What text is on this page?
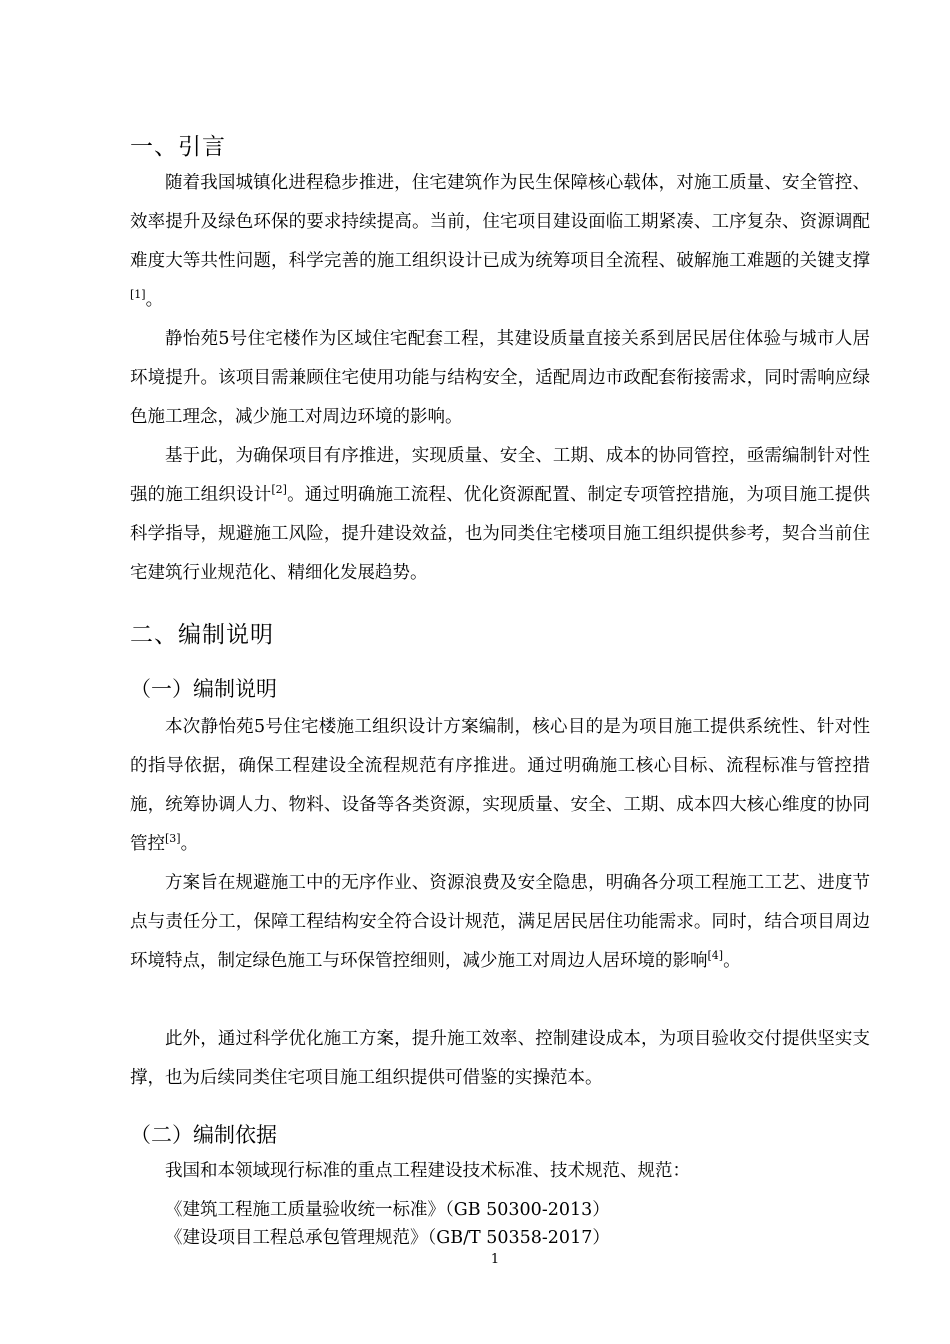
一、引言

随着我国城镇化进程稳步推进，住宅建筑作为民生保障核心载体，对施工质量、安全管控、效率提升及绿色环保的要求持续提高。当前，住宅项目建设面临工期紧凑、工序复杂、资源调配难度大等共性问题，科学完善的施工组织设计已成为统筹项目全流程、破解施工难题的关键支撑[1]。

静怡苑5号住宅楼作为区域住宅配套工程，其建设质量直接关系到居民居住体验与城市人居环境提升。该项目需兼顾住宅使用功能与结构安全，适配周边市政配套衔接需求，同时需响应绿色施工理念，减少施工对周边环境的影响。

基于此，为确保项目有序推进，实现质量、安全、工期、成本的协同管控，亟需编制针对性强的施工组织设计[2]。通过明确施工流程、优化资源配置、制定专项管控措施，为项目施工提供科学指导，规避施工风险，提升建设效益，也为同类住宅楼项目施工组织提供参考，契合当前住宅建筑行业规范化、精细化发展趋势。

二、编制说明
（一）编制说明

本次静怡苑5号住宅楼施工组织设计方案编制，核心目的是为项目施工提供系统性、针对性的指导依据，确保工程建设全流程规范有序推进。通过明确施工核心目标、流程标准与管控措施，统筹协调人力、物料、设备等各类资源，实现质量、安全、工期、成本四大核心维度的协同管控[3]。

方案旨在规避施工中的无序作业、资源浪费及安全隐患，明确各分项工程施工工艺、进度节点与责任分工，保障工程结构安全符合设计规范，满足居民居住功能需求。同时，结合项目周边环境特点，制定绿色施工与环保管控细则，减少施工对周边人居环境的影响[4]。

此外，通过科学优化施工方案，提升施工效率、控制建设成本，为项目验收交付提供坚实支撑，也为后续同类住宅项目施工组织提供可借鉴的实操范本。

（二）编制依据

我国和本领域现行标准的重点工程建设技术标准、技术规范、规范：

《建筑工程施工质量验收统一标准》（GB 50300-2013）

《建设项目工程总承包管理规范》（GB/T 50358-2017）

1
